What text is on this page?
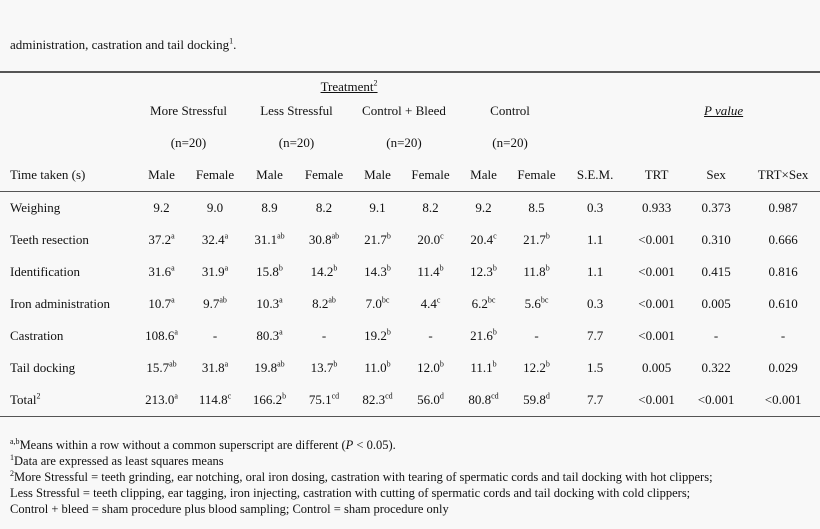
administration, castration and tail docking$^1$.
	Treatment$^2$	
	More Stressful		Less Stressful		Control + Bleed		Control			P value		
	(n=20)		(n=20)		(n=20)		(n=20)					
Time taken (s)	Male	Female	Male	Female	Male	Female	Male	Female	S.E.M.	TRT	Sex	TRT×Sex
Weighing	9.2	9.0	8.9	8.2	9.1	8.2	9.2	8.5	0.3	0.933	0.373	0.987
Teeth resection	37.2$^a$	32.4$^a$	31.1$^{ab}$	30.8$^{ab}$	21.7$^b$	20.0$^c$	20.4$^c$	21.7$^b$	1.1	<0.001	0.310	0.666
Identification	31.6$^a$	31.9$^a$	15.8$^b$	14.2$^b$	14.3$^b$	11.4$^b$	12.3$^b$	11.8$^b$	1.1	<0.001	0.415	0.816
Iron administration	10.7$^a$	9.7$^{ab}$	10.3$^a$	8.2$^{ab}$	7.0$^{bc}$	4.4$^c$	6.2$^{bc}$	5.6$^{bc}$	0.3	<0.001	0.005	0.610
Castration	108.6$^a$	-	80.3$^a$	-	19.2$^b$	-	21.6$^b$	-	7.7	<0.001	-	-
Tail docking	15.7$^{ab}$	31.8$^a$	19.8$^{ab}$	13.7$^b$	11.0$^b$	12.0$^b$	11.1$^b$	12.2$^b$	1.5	0.005	0.322	0.029
Total$^2$	213.0$^a$	114.8$^c$	166.2$^b$	75.1$^{cd}$	82.3$^{cd}$	56.0$^d$	80.8$^{cd}$	59.8$^d$	7.7	<0.001	<0.001	<0.001
$^{a,b}$Means within a row without a common superscript are different (P < 0.05).
$^1$Data are expressed as least squares means
$^2$More Stressful = teeth grinding, ear notching, oral iron dosing, castration with tearing of spermatic cords and tail docking with hot clippers;
Less Stressful = teeth clipping, ear tagging, iron injecting, castration with cutting of spermatic cords and tail docking with cold clippers;
Control + bleed = sham procedure plus blood sampling; Control = sham procedure only
